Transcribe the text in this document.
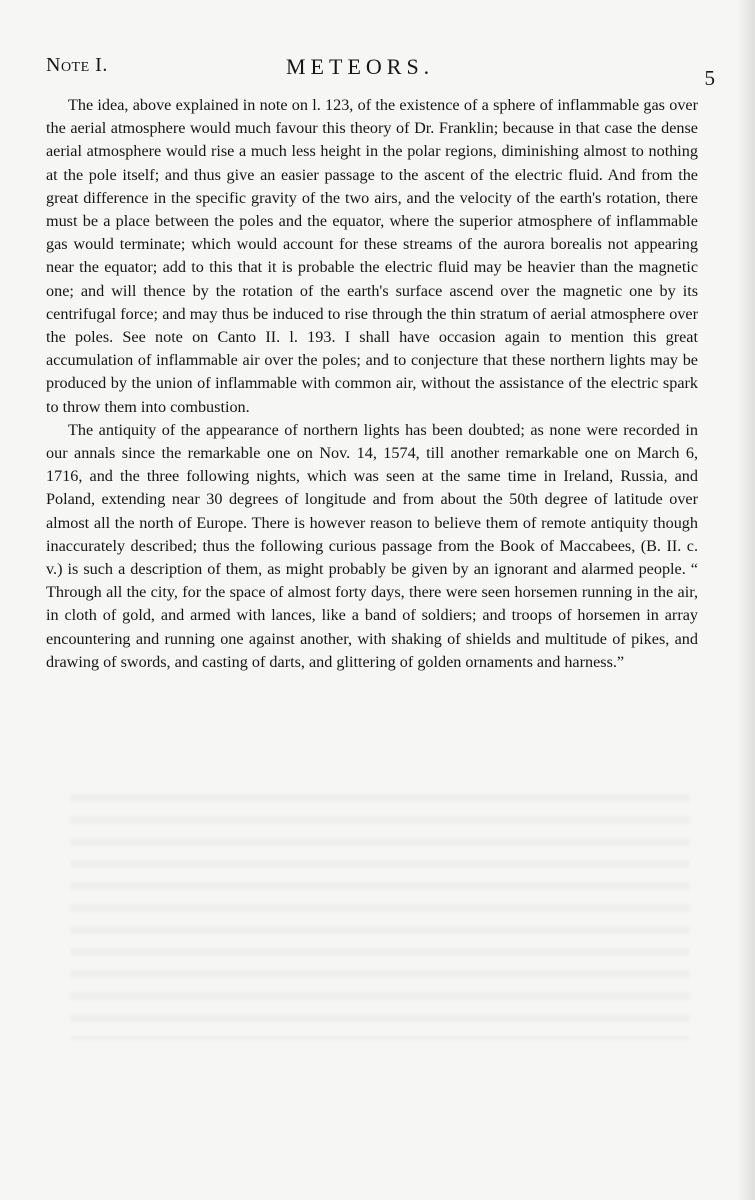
Note I.	METEORS.	5

The idea, above explained in note on l. 123, of the existence of a sphere of inflammable gas over the aerial atmosphere would much favour this theory of Dr. Franklin; because in that case the dense aerial atmosphere would rise a much less height in the polar regions, diminishing almost to nothing at the pole itself; and thus give an easier passage to the ascent of the electric fluid. And from the great difference in the specific gravity of the two airs, and the velocity of the earth's rotation, there must be a place between the poles and the equator, where the superior atmosphere of inflammable gas would terminate; which would account for these streams of the aurora borealis not appearing near the equator; add to this that it is probable the electric fluid may be heavier than the magnetic one; and will thence by the rotation of the earth's surface ascend over the magnetic one by its centrifugal force; and may thus be induced to rise through the thin stratum of aerial atmosphere over the poles. See note on Canto II. l. 193. I shall have occasion again to mention this great accumulation of inflammable air over the poles; and to conjecture that these northern lights may be produced by the union of inflammable with common air, without the assistance of the electric spark to throw them into combustion.

The antiquity of the appearance of northern lights has been doubted; as none were recorded in our annals since the remarkable one on Nov. 14, 1574, till another remarkable one on March 6, 1716, and the three following nights, which was seen at the same time in Ireland, Russia, and Poland, extending near 30 degrees of longitude and from about the 50th degree of latitude over almost all the north of Europe. There is however reason to believe them of remote antiquity though inaccurately described; thus the following curious passage from the Book of Maccabees, (B. II. c. v.) is such a description of them, as might probably be given by an ignorant and alarmed people. “ Through all the city, for the space of almost forty days, there were seen horsemen running in the air, in cloth of gold, and armed with lances, like a band of soldiers; and troops of horsemen in array encountering and running one against another, with shaking of shields and multitude of pikes, and drawing of swords, and casting of darts, and glittering of golden ornaments and harness.”
